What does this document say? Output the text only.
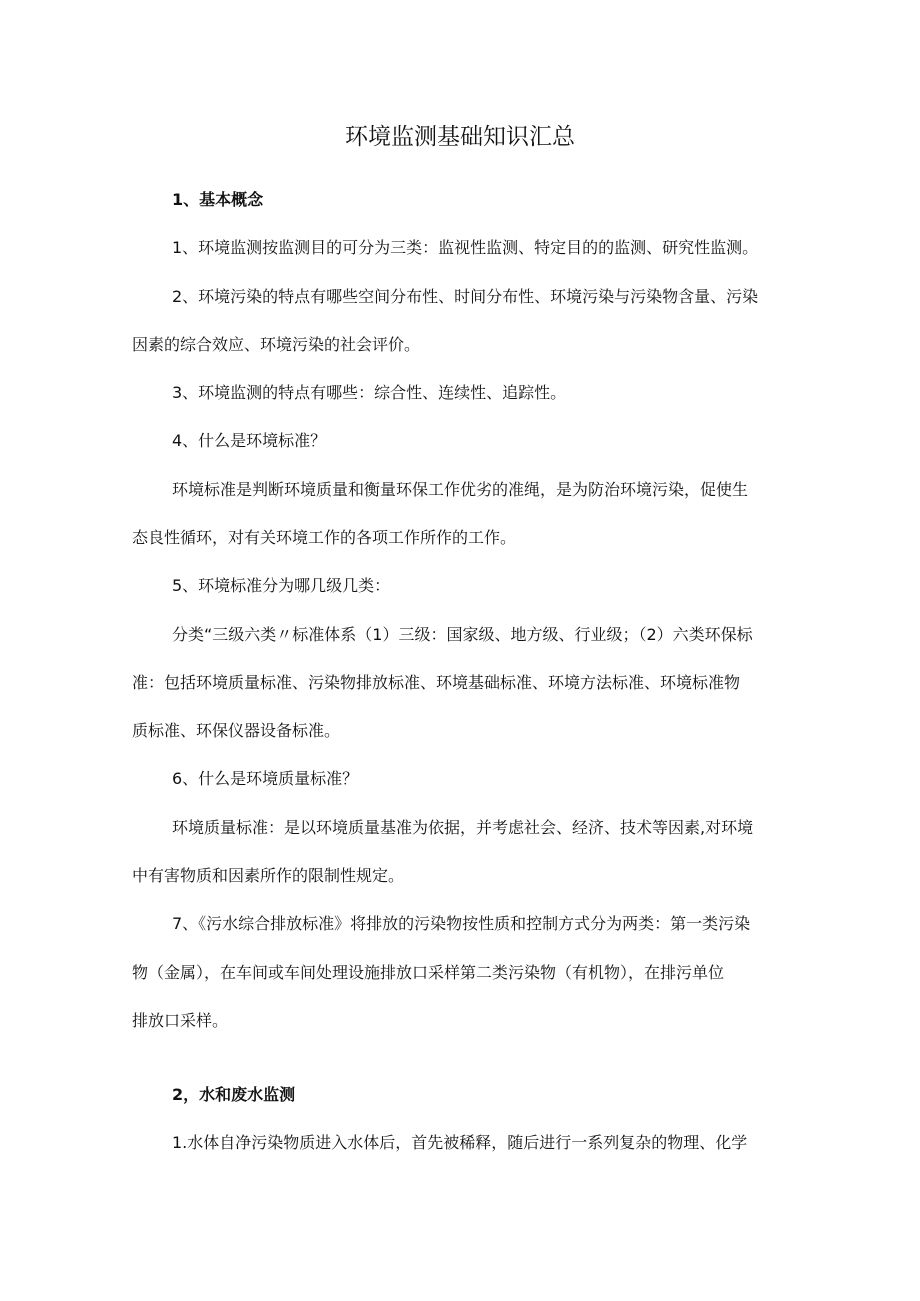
环境监测基础知识汇总

1、基本概念

1、环境监测按监测目的可分为三类：监视性监测、特定目的的监测、研究性监测。

2、环境污染的特点有哪些空间分布性、时间分布性、环境污染与污染物含量、污染

因素的综合效应、环境污染的社会评价。

3、环境监测的特点有哪些：综合性、连续性、追踪性。

4、什么是环境标准？

环境标准是判断环境质量和衡量环保工作优劣的准绳，是为防治环境污染，促使生

态良性循环，对有关环境工作的各项工作所作的工作。

5、环境标准分为哪几级几类：

分类“三级六类〃标准体系（1）三级：国家级、地方级、行业级；（2）六类环保标

准：包括环境质量标准、污染物排放标准、环境基础标准、环境方法标准、环境标准物

质标准、环保仪器设备标准。

6、什么是环境质量标准？

环境质量标准：是以环境质量基准为依据，并考虑社会、经济、技术等因素,对环境

中有害物质和因素所作的限制性规定。

7、《污水综合排放标准》将排放的污染物按性质和控制方式分为两类：第一类污染

物（金属），在车间或车间处理设施排放口采样第二类污染物（有机物），在排污单位

排放口采样。

2，水和废水监测

1.水体自净污染物质进入水体后，首先被稀释，随后进行一系列复杂的物理、化学
